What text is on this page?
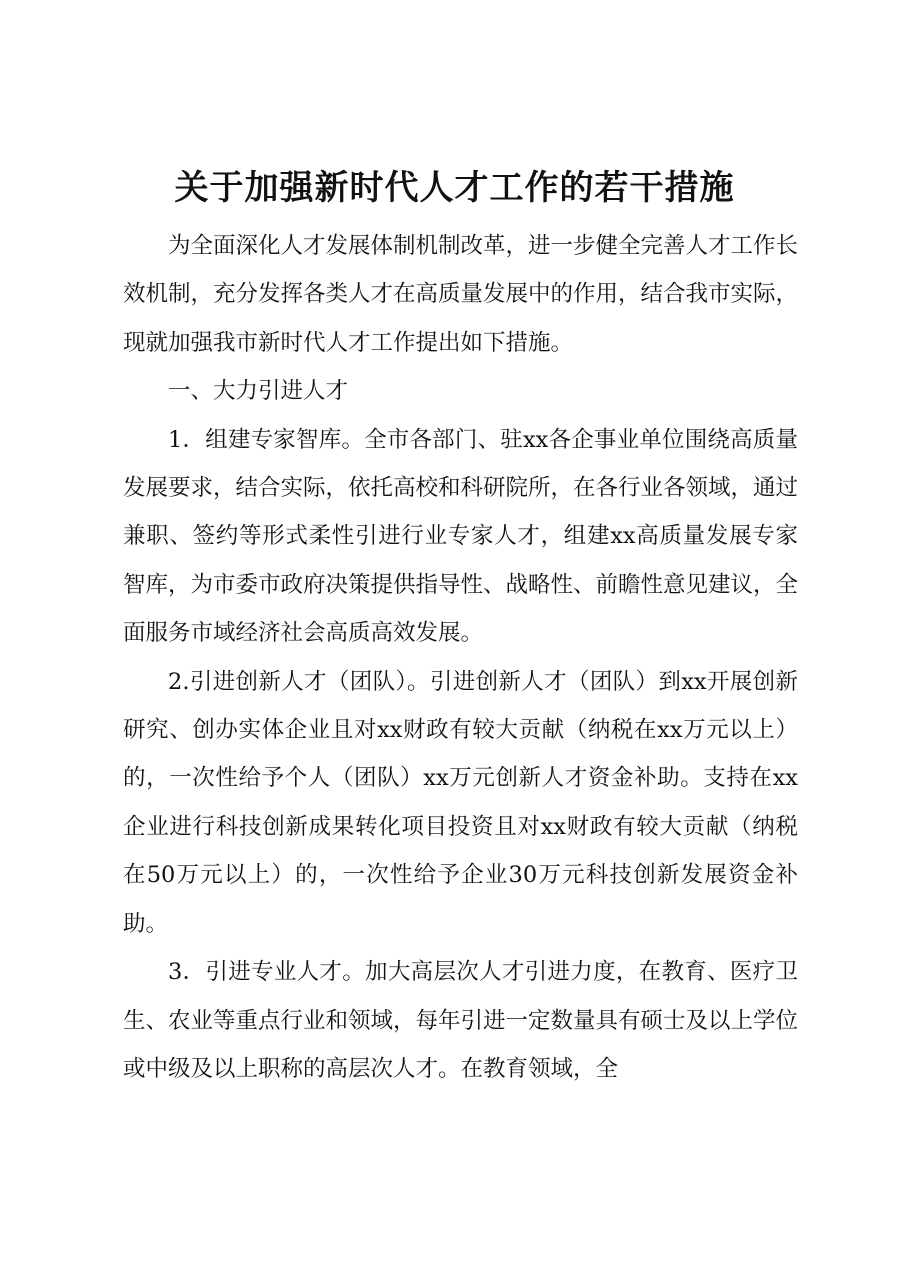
关于加强新时代人才工作的若干措施

为全面深化人才发展体制机制改革，进一步健全完善人才工作长效机制，充分发挥各类人才在高质量发展中的作用，结合我市实际，现就加强我市新时代人才工作提出如下措施。

一、大力引进人才

1．组建专家智库。全市各部门、驻xx各企事业单位围绕高质量发展要求，结合实际，依托高校和科研院所，在各行业各领域，通过兼职、签约等形式柔性引进行业专家人才，组建xx高质量发展专家智库，为市委市政府决策提供指导性、战略性、前瞻性意见建议，全面服务市域经济社会高质高效发展。

2.引进创新人才（团队）。引进创新人才（团队）到xx开展创新研究、创办实体企业且对xx财政有较大贡献（纳税在xx万元以上）的，一次性给予个人（团队）xx万元创新人才资金补助。支持在xx企业进行科技创新成果转化项目投资且对xx财政有较大贡献（纳税在50万元以上）的，一次性给予企业30万元科技创新发展资金补助。

3．引进专业人才。加大高层次人才引进力度，在教育、医疗卫生、农业等重点行业和领域，每年引进一定数量具有硕士及以上学位或中级及以上职称的高层次人才。在教育领域，全
